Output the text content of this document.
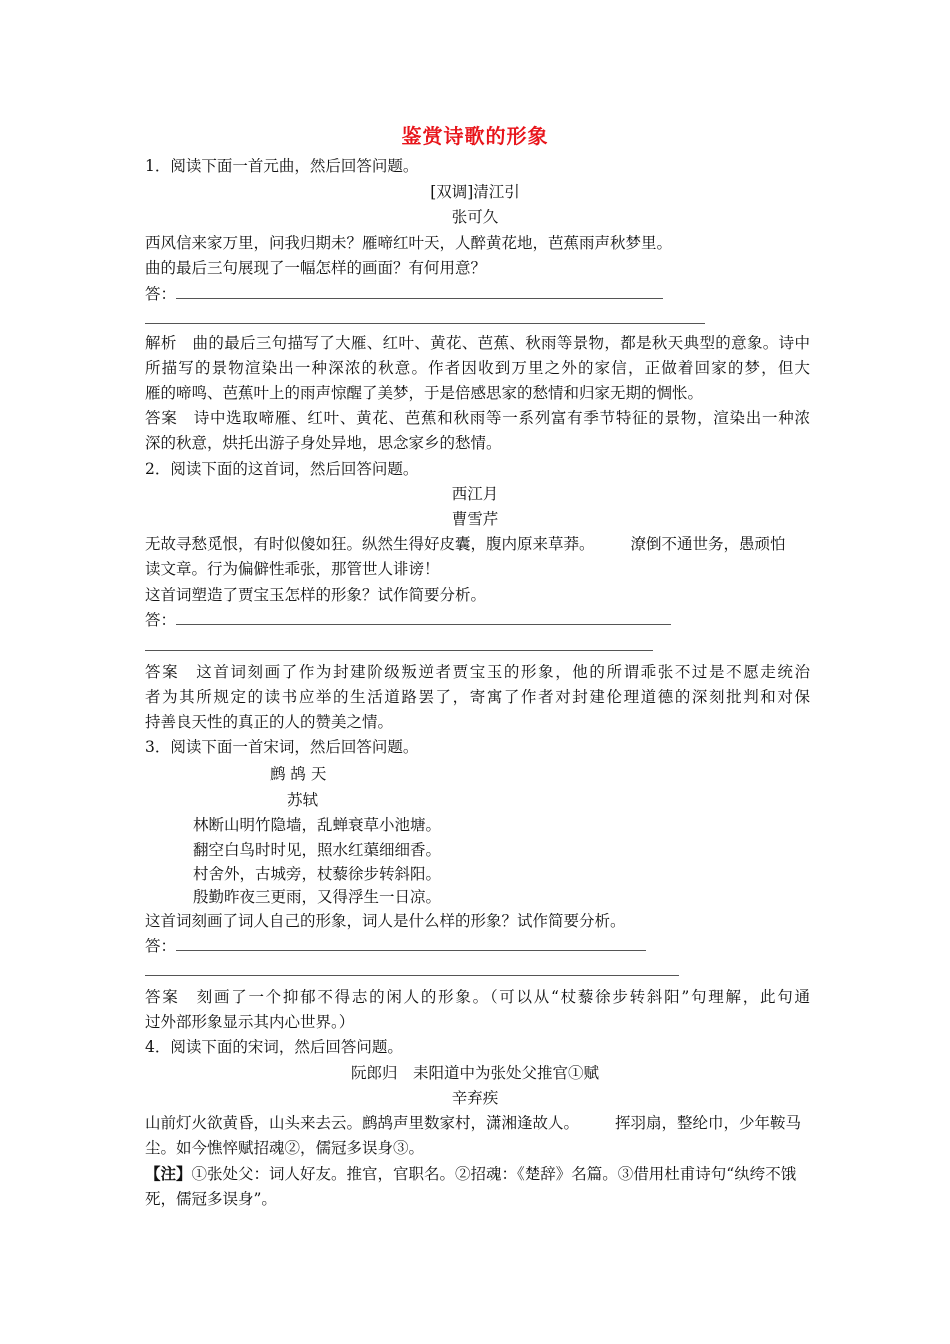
鉴赏诗歌的形象
1．阅读下面一首元曲，然后回答问题。
[双调]清江引
张可久
西风信来家万里，问我归期未？雁啼红叶天，人醉黄花地，芭蕉雨声秋梦里。
曲的最后三句展现了一幅怎样的画面？有何用意？
答：
解析　曲的最后三句描写了大雁、红叶、黄花、芭蕉、秋雨等景物，都是秋天典型的意象。诗中
所描写的景物渲染出一种深浓的秋意。作者因收到万里之外的家信，正做着回家的梦，但大
雁的啼鸣、芭蕉叶上的雨声惊醒了美梦，于是倍感思家的愁情和归家无期的惆怅。
答案　诗中选取啼雁、红叶、黄花、芭蕉和秋雨等一系列富有季节特征的景物，渲染出一种浓
深的秋意，烘托出游子身处异地，思念家乡的愁情。
2．阅读下面的这首词，然后回答问题。
西江月
曹雪芹
无故寻愁觅恨，有时似傻如狂。纵然生得好皮囊，腹内原来草莽。 潦倒不通世务，愚顽怕
读文章。行为偏僻性乖张，那管世人诽谤！
这首词塑造了贾宝玉怎样的形象？试作简要分析。
答：
答案　这首词刻画了作为封建阶级叛逆者贾宝玉的形象，他的所谓乖张不过是不愿走统治
者为其所规定的读书应举的生活道路罢了，寄寓了作者对封建伦理道德的深刻批判和对保
持善良天性的真正的人的赞美之情。
3．阅读下面一首宋词，然后回答问题。
鹧 鸪 天
苏轼
林断山明竹隐墙，乱蝉衰草小池塘。
翻空白鸟时时见，照水红蕖细细香。
村舍外，古城旁，杖藜徐步转斜阳。
殷勤昨夜三更雨，又得浮生一日凉。
这首词刻画了词人自己的形象，词人是什么样的形象？试作简要分析。
答：
答案　刻画了一个抑郁不得志的闲人的形象。（可以从“杖藜徐步转斜阳”句理解，此句通
过外部形象显示其内心世界。）
4．阅读下面的宋词，然后回答问题。
阮郎归　耒阳道中为张处父推官①赋
辛弃疾
山前灯火欲黄昏，山头来去云。鹧鸪声里数家村，潇湘逢故人。 挥羽扇，整纶巾，少年鞍马
尘。如今憔悴赋招魂②，儒冠多误身③。
【注】①张处父：词人好友。推官，官职名。②招魂：《楚辞》名篇。③借用杜甫诗句“纨绔不饿
死，儒冠多误身”。
